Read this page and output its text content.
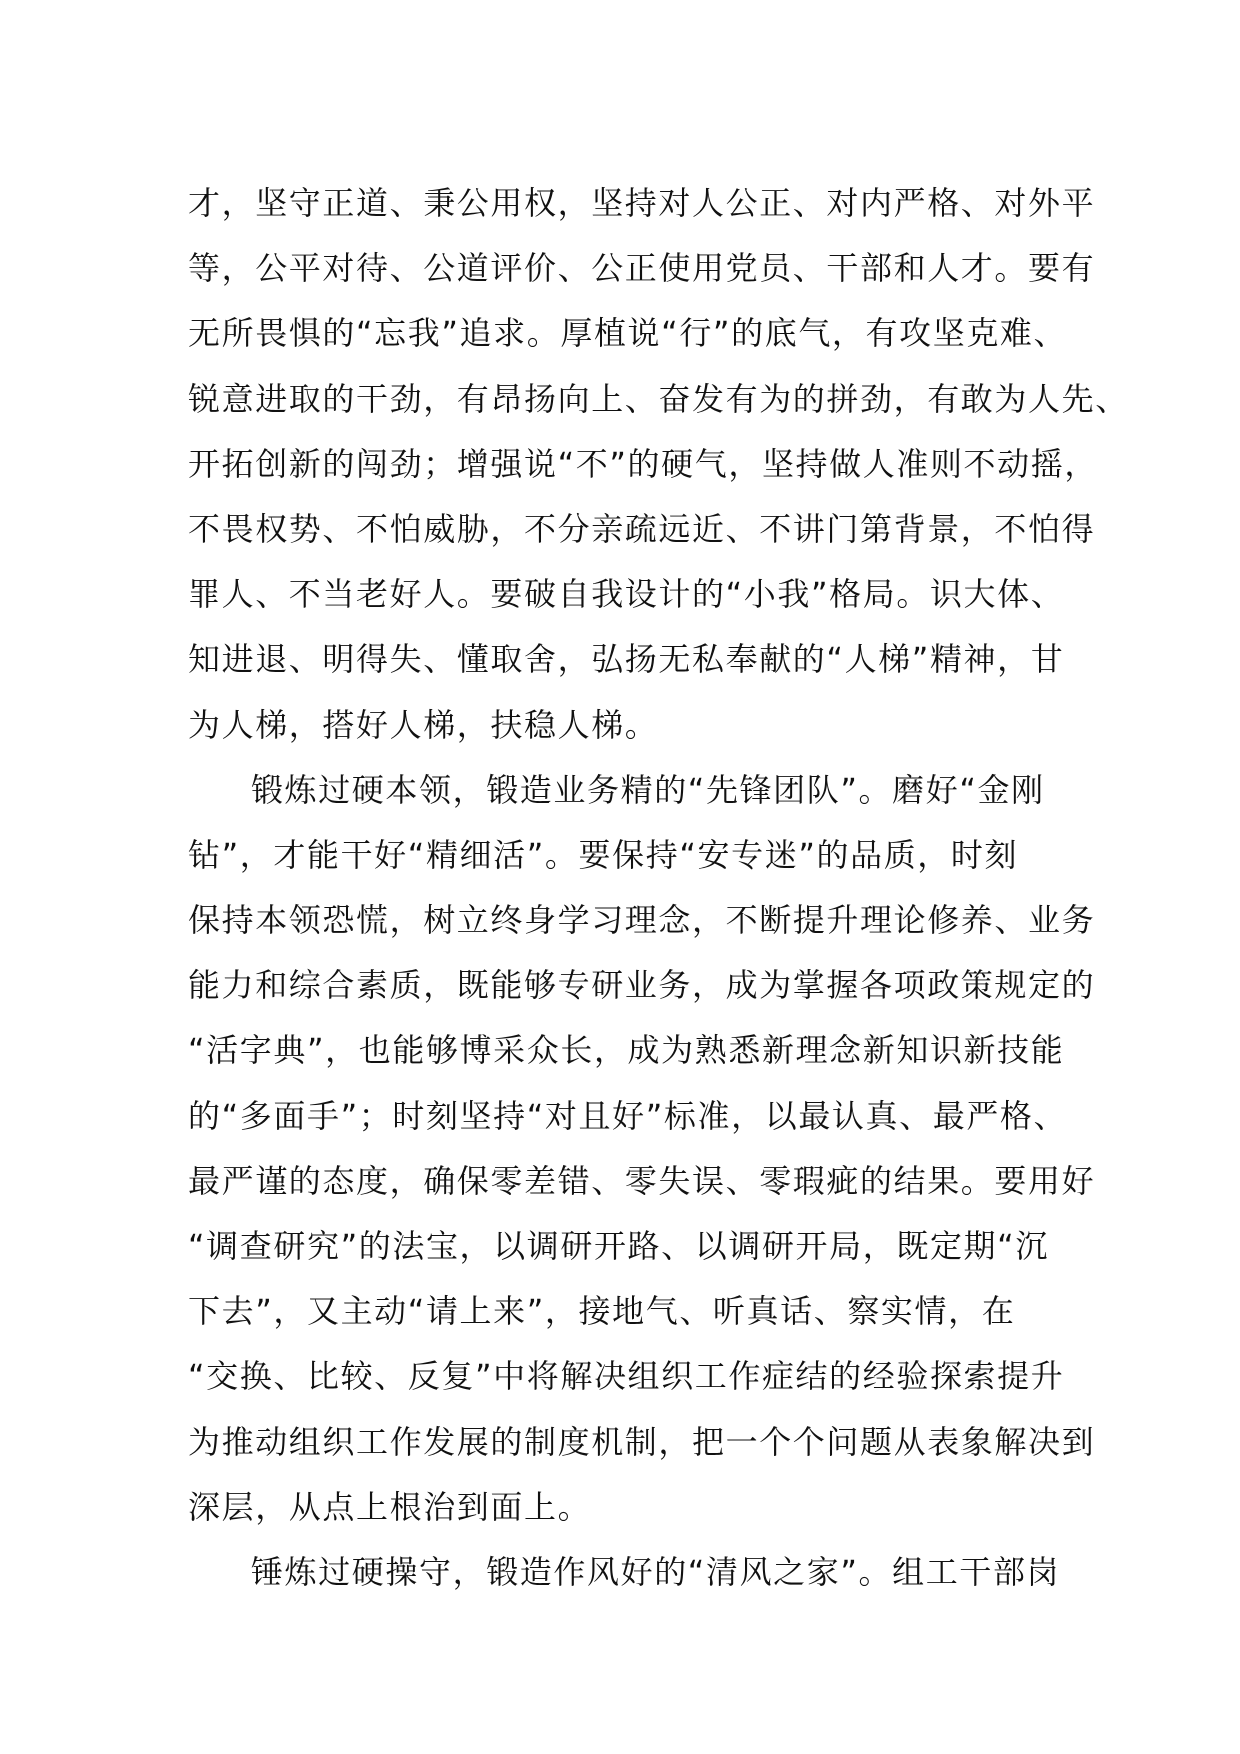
才，坚守正道、秉公用权，坚持对人公正、对内严格、对外平
等，公平对待、公道评价、公正使用党员、干部和人才。要有
无所畏惧的“忘我”追求。厚植说“行”的底气，有攻坚克难、
锐意进取的干劲，有昂扬向上、奋发有为的拼劲，有敢为人先、
开拓创新的闯劲；增强说“不”的硬气，坚持做人准则不动摇，
不畏权势、不怕威胁，不分亲疏远近、不讲门第背景，不怕得
罪人、不当老好人。要破自我设计的“小我”格局。识大体、
知进退、明得失、懂取舍，弘扬无私奉献的“人梯”精神，甘
为人梯，搭好人梯，扶稳人梯。
锻炼过硬本领，锻造业务精的“先锋团队”。磨好“金刚
钻”，才能干好“精细活”。要保持“安专迷”的品质，时刻
保持本领恐慌，树立终身学习理念，不断提升理论修养、业务
能力和综合素质，既能够专研业务，成为掌握各项政策规定的
“活字典”，也能够博采众长，成为熟悉新理念新知识新技能
的“多面手”；时刻坚持“对且好”标准，以最认真、最严格、
最严谨的态度，确保零差错、零失误、零瑕疵的结果。要用好
“调查研究”的法宝，以调研开路、以调研开局，既定期“沉
下去”，又主动“请上来”，接地气、听真话、察实情，在
“交换、比较、反复”中将解决组织工作症结的经验探索提升
为推动组织工作发展的制度机制，把一个个问题从表象解决到
深层，从点上根治到面上。
锤炼过硬操守，锻造作风好的“清风之家”。组工干部岗
